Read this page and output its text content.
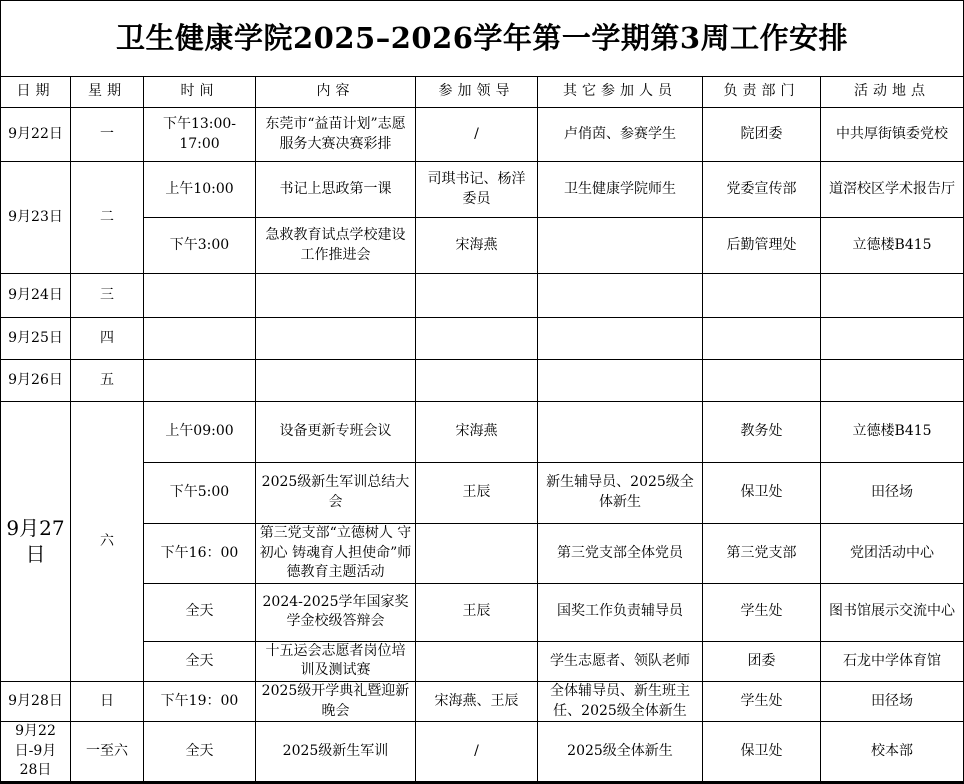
卫生健康学院2025–2026学年第一学期第3周工作安排							
日期	星期	时间	内容	参加领导	其它参加人员	负责部门	活动地点
9月22日	一	下午13:00-17:00	东莞市“益苗计划”志愿服务大赛决赛彩排	/	卢俏茵、参赛学生	院团委	中共厚街镇委党校
9月23日	二	上午10:00	书记上思政第一课	司琪书记、杨洋委员	卫生健康学院师生	党委宣传部	道滘校区学术报告厅
		下午3:00	急救教育试点学校建设工作推进会	宋海燕		后勤管理处	立德楼B415
9月24日	三						
9月25日	四						
9月26日	五						
9月27日	六	上午09:00	设备更新专班会议	宋海燕		教务处	立德楼B415
		下午5:00	2025级新生军训总结大会	王辰	新生辅导员、2025级全体新生	保卫处	田径场
		下午16：00	第三党支部“立德树人 守初心 铸魂育人担使命”师德教育主题活动		第三党支部全体党员	第三党支部	党团活动中心
		全天	2024-2025学年国家奖学金校级答辩会	王辰	国奖工作负责辅导员	学生处	图书馆展示交流中心
		全天	十五运会志愿者岗位培训及测试赛		学生志愿者、领队老师	团委	石龙中学体育馆
9月28日	日	下午19：00	2025级开学典礼暨迎新晚会	宋海燕、王辰	全体辅导员、新生班主任、2025级全体新生	学生处	田径场
9月22日-9月28日	一至六	全天	2025级新生军训	/	2025级全体新生	保卫处	校本部
